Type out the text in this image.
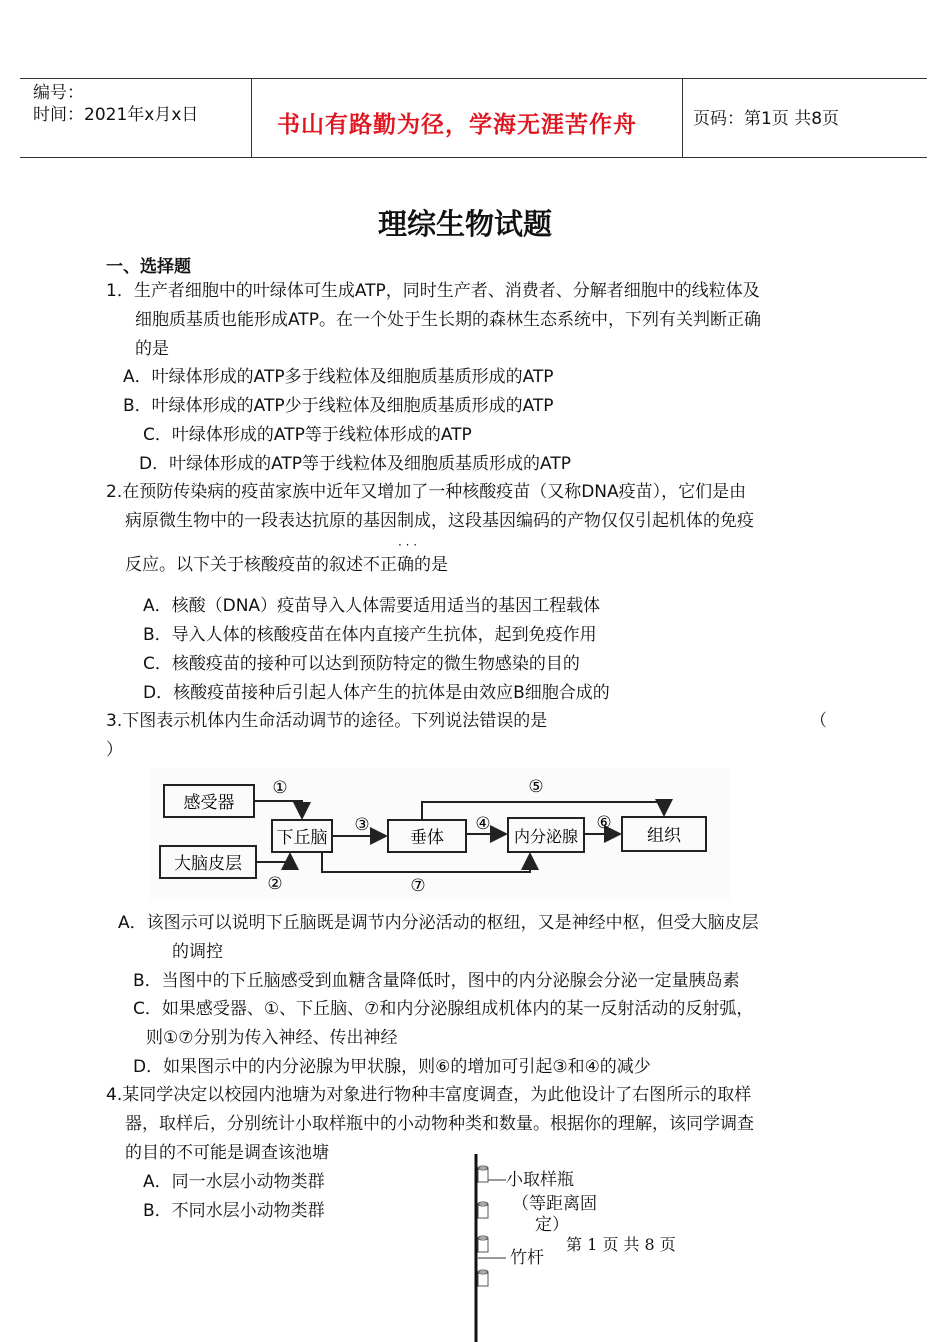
编号：
时间：2021年x月x日	书山有路勤为径，学海无涯苦作舟	页码：第1页 共8页
理综生物试题
一、选择题
1．生产者细胞中的叶绿体可生成ATP，同时生产者、消费者、分解者细胞中的线粒体及
细胞质基质也能形成ATP。在一个处于生长期的森林生态系统中，下列有关判断正确
的是
A．叶绿体形成的ATP多于线粒体及细胞质基质形成的ATP
B．叶绿体形成的ATP少于线粒体及细胞质基质形成的ATP
C．叶绿体形成的ATP等于线粒体形成的ATP
D．叶绿体形成的ATP等于线粒体及细胞质基质形成的ATP
2.在预防传染病的疫苗家族中近年又增加了一种核酸疫苗（又称DNA疫苗），它们是由
病原微生物中的一段表达抗原的基因制成，这段基因编码的产物仅仅引起机体的免疫
· · ·
反应。以下关于核酸疫苗的叙述不正确的是
A．核酸（DNA）疫苗导入人体需要适用适当的基因工程载体
B．导入人体的核酸疫苗在体内直接产生抗体，起到免疫作用
C．核酸疫苗的接种可以达到预防特定的微生物感染的目的
D．核酸疫苗接种后引起人体产生的抗体是由效应B细胞合成的
3.下图表示机体内生命活动调节的途径。下列说法错误的是	（
）
感受器
大脑皮层
下丘脑	垂体	内分泌腺	组织
①
②
③	④
⑤
⑥
⑦
A．该图示可以说明下丘脑既是调节内分泌活动的枢纽，又是神经中枢，但受大脑皮层
的调控
B．当图中的下丘脑感受到血糖含量降低时，图中的内分泌腺会分泌一定量胰岛素
C．如果感受器、①、下丘脑、⑦和内分泌腺组成机体内的某一反射活动的反射弧，
则①⑦分别为传入神经、传出神经
D．如果图示中的内分泌腺为甲状腺，则⑥的增加可引起③和④的减少
4.某同学决定以校园内池塘为对象进行物种丰富度调查，为此他设计了右图所示的取样
器，取样后，分别统计小取样瓶中的小动物种类和数量。根据你的理解，该同学调查
的目的不可能是调查该池塘
A．同一水层小动物类群
B．不同水层小动物类群
小取样瓶
（等距离固
定）
竹杆
第 1 页 共 8 页
